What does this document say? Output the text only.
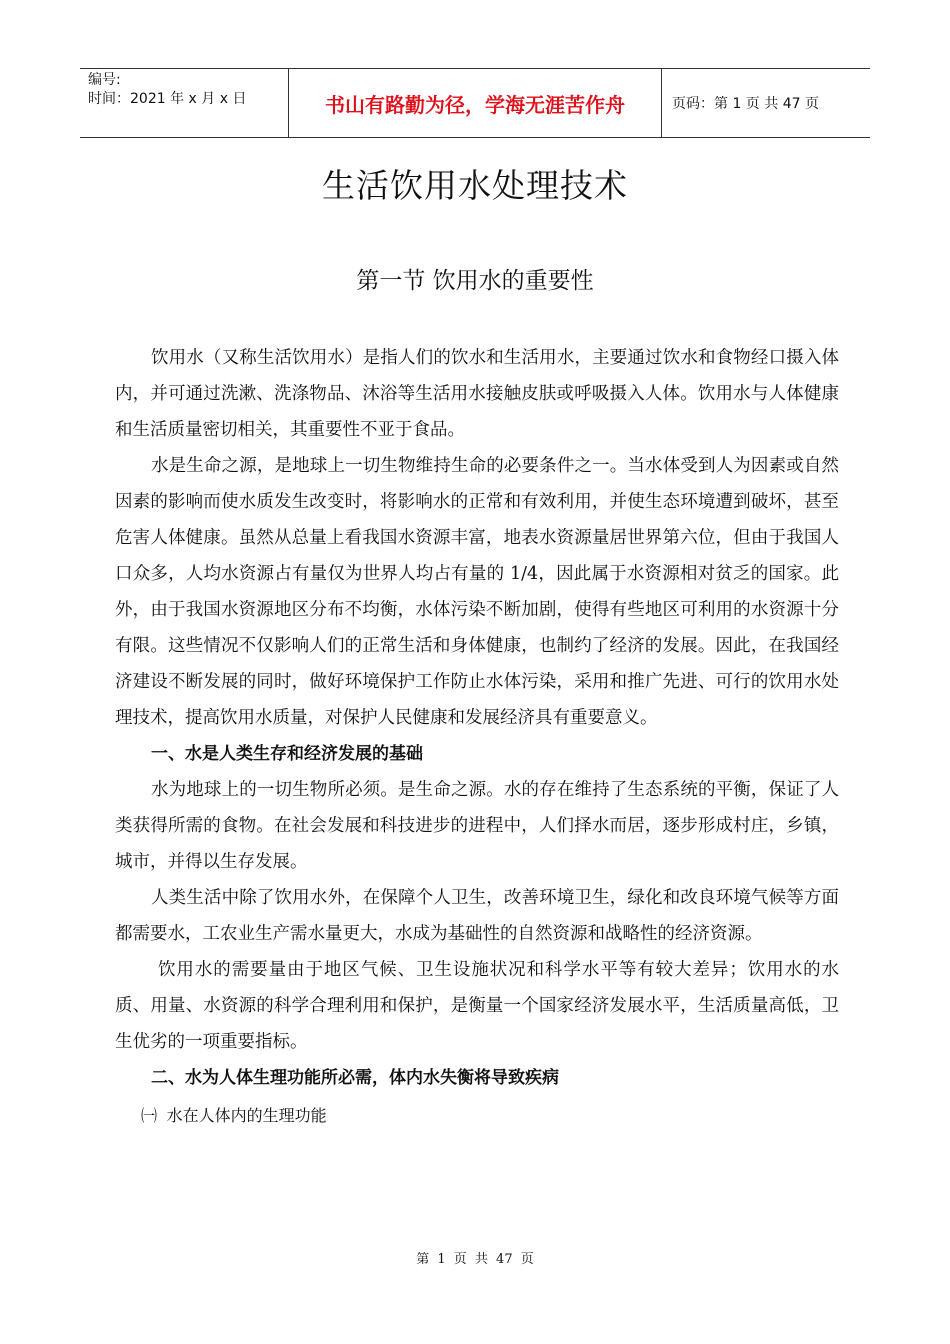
编号:
时间：2021 年 x 月 x 日	书山有路勤为径，学海无涯苦作舟	页码：第 1 页 共 47 页
生活饮用水处理技术
第一节 饮用水的重要性

饮用水（又称生活饮用水）是指人们的饮水和生活用水，主要通过饮水和食物经口摄入体内，并可通过洗漱、洗涤物品、沐浴等生活用水接触皮肤或呼吸摄入人体。饮用水与人体健康和生活质量密切相关，其重要性不亚于食品。

水是生命之源，是地球上一切生物维持生命的必要条件之一。当水体受到人为因素或自然因素的影响而使水质发生改变时，将影响水的正常和有效利用，并使生态环境遭到破坏，甚至危害人体健康。虽然从总量上看我国水资源丰富，地表水资源量居世界第六位，但由于我国人口众多，人均水资源占有量仅为世界人均占有量的 1/4，因此属于水资源相对贫乏的国家。此外，由于我国水资源地区分布不均衡，水体污染不断加剧，使得有些地区可利用的水资源十分有限。这些情况不仅影响人们的正常生活和身体健康，也制约了经济的发展。因此，在我国经济建设不断发展的同时，做好环境保护工作防止水体污染，采用和推广先进、可行的饮用水处理技术，提高饮用水质量，对保护人民健康和发展经济具有重要意义。

一、水是人类生存和经济发展的基础

水为地球上的一切生物所必须。是生命之源。水的存在维持了生态系统的平衡，保证了人类获得所需的食物。在社会发展和科技进步的进程中，人们择水而居，逐步形成村庄，乡镇，城市，并得以生存发展。

人类生活中除了饮用水外，在保障个人卫生，改善环境卫生，绿化和改良环境气候等方面都需要水，工农业生产需水量更大，水成为基础性的自然资源和战略性的经济资源。

饮用水的需要量由于地区气候、卫生设施状况和科学水平等有较大差异；饮用水的水质、用量、水资源的科学合理利用和保护，是衡量一个国家经济发展水平，生活质量高低，卫生优劣的一项重要指标。

二、水为人体生理功能所必需，体内水失衡将导致疾病

㈠ 水在人体内的生理功能

第 1 页 共 47 页
